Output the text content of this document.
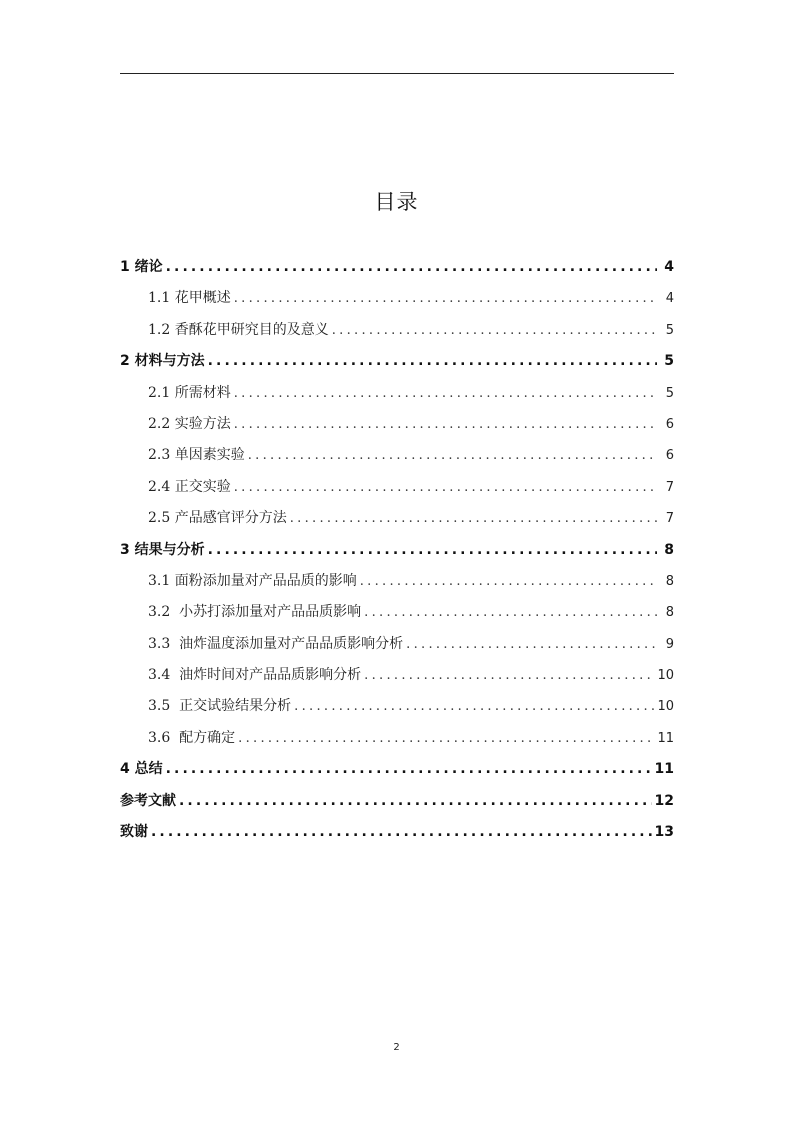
目录
1 绪论 .....	4
1.1 花甲概述 .....	4
1.2 香酥花甲研究目的及意义 .....	5
2 材料与方法 .....	5
2.1 所需材料 .....	5
2.2 实验方法 .....	6
2.3 单因素实验 .....	6
2.4 正交实验 .....	7
2.5 产品感官评分方法 .....	7
3 结果与分析 .....	8
3.1 面粉添加量对产品品质的影响 .....	8
3.2  小苏打添加量对产品品质影响 .....	8
3.3  油炸温度添加量对产品品质影响分析 .....	9
3.4  油炸时间对产品品质影响分析 .....	10
3.5  正交试验结果分析 .....	10
3.6  配方确定 .....	11
4 总结 .....	11
参考文献 .....	12
致谢 .....	13
2
